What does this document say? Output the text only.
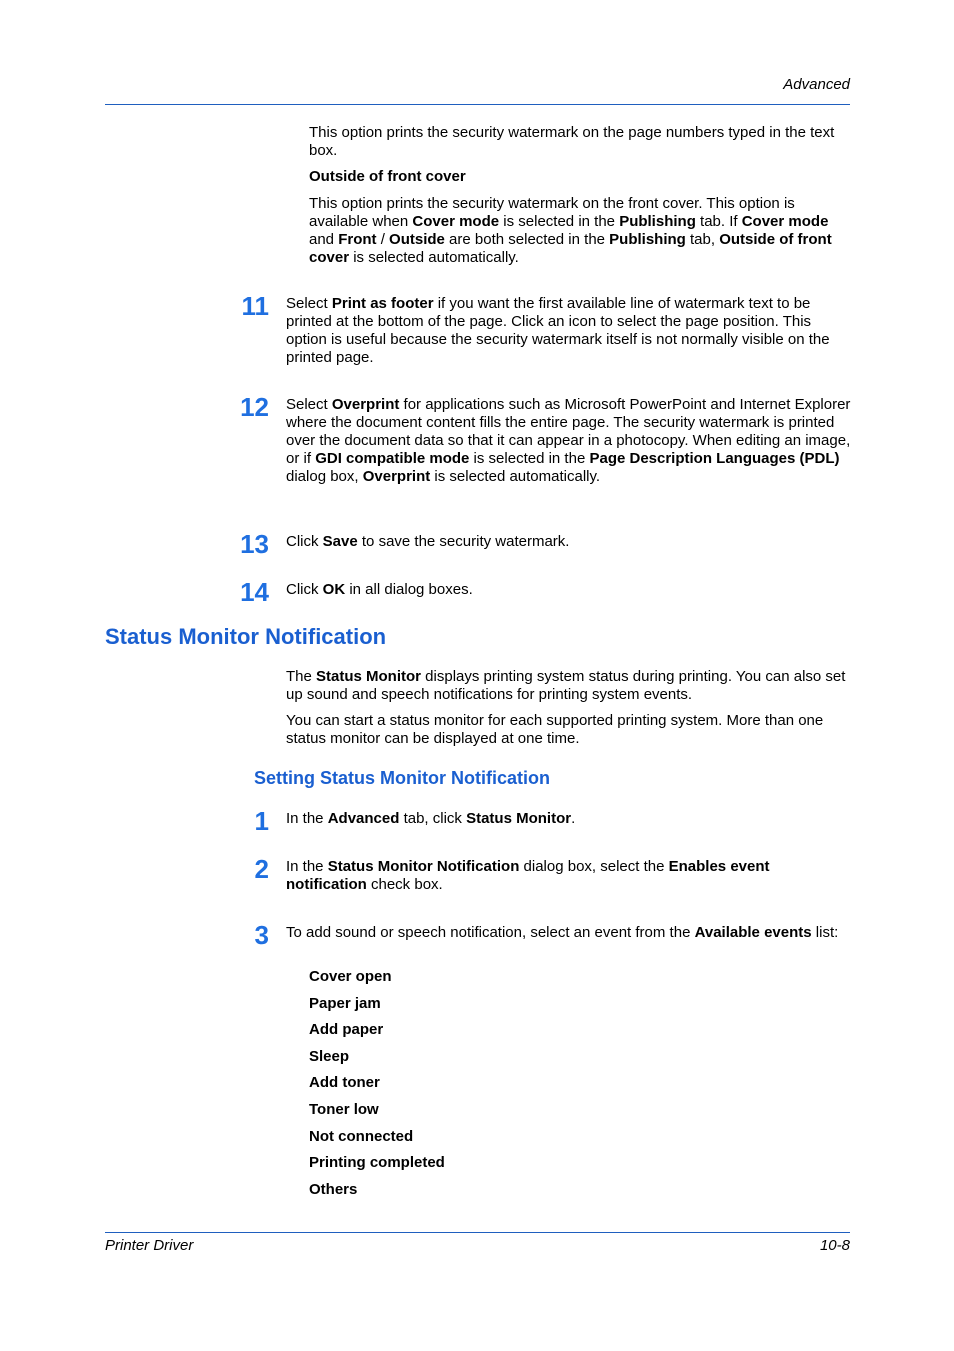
Advanced

This option prints the security watermark on the page numbers typed in the text box.

Outside of front cover

This option prints the security watermark on the front cover. This option is available when Cover mode is selected in the Publishing tab. If Cover mode and Front / Outside are both selected in the Publishing tab, Outside of front cover is selected automatically.

11 Select Print as footer if you want the first available line of watermark text to be printed at the bottom of the page. Click an icon to select the page position. This option is useful because the security watermark itself is not normally visible on the printed page.

12 Select Overprint for applications such as Microsoft PowerPoint and Internet Explorer where the document content fills the entire page. The security watermark is printed over the document data so that it can appear in a photocopy. When editing an image, or if GDI compatible mode is selected in the Page Description Languages (PDL) dialog box, Overprint is selected automatically.

13 Click Save to save the security watermark.

14 Click OK in all dialog boxes.

Status Monitor Notification

The Status Monitor displays printing system status during printing. You can also set up sound and speech notifications for printing system events.

You can start a status monitor for each supported printing system. More than one status monitor can be displayed at one time.

Setting Status Monitor Notification
1 In the Advanced tab, click Status Monitor.

2 In the Status Monitor Notification dialog box, select the Enables event notification check box.

3 To add sound or speech notification, select an event from the Available events list:

Cover open
Paper jam
Add paper
Sleep
Add toner
Toner low
Not connected
Printing completed
Others
Printer Driver	10-8
